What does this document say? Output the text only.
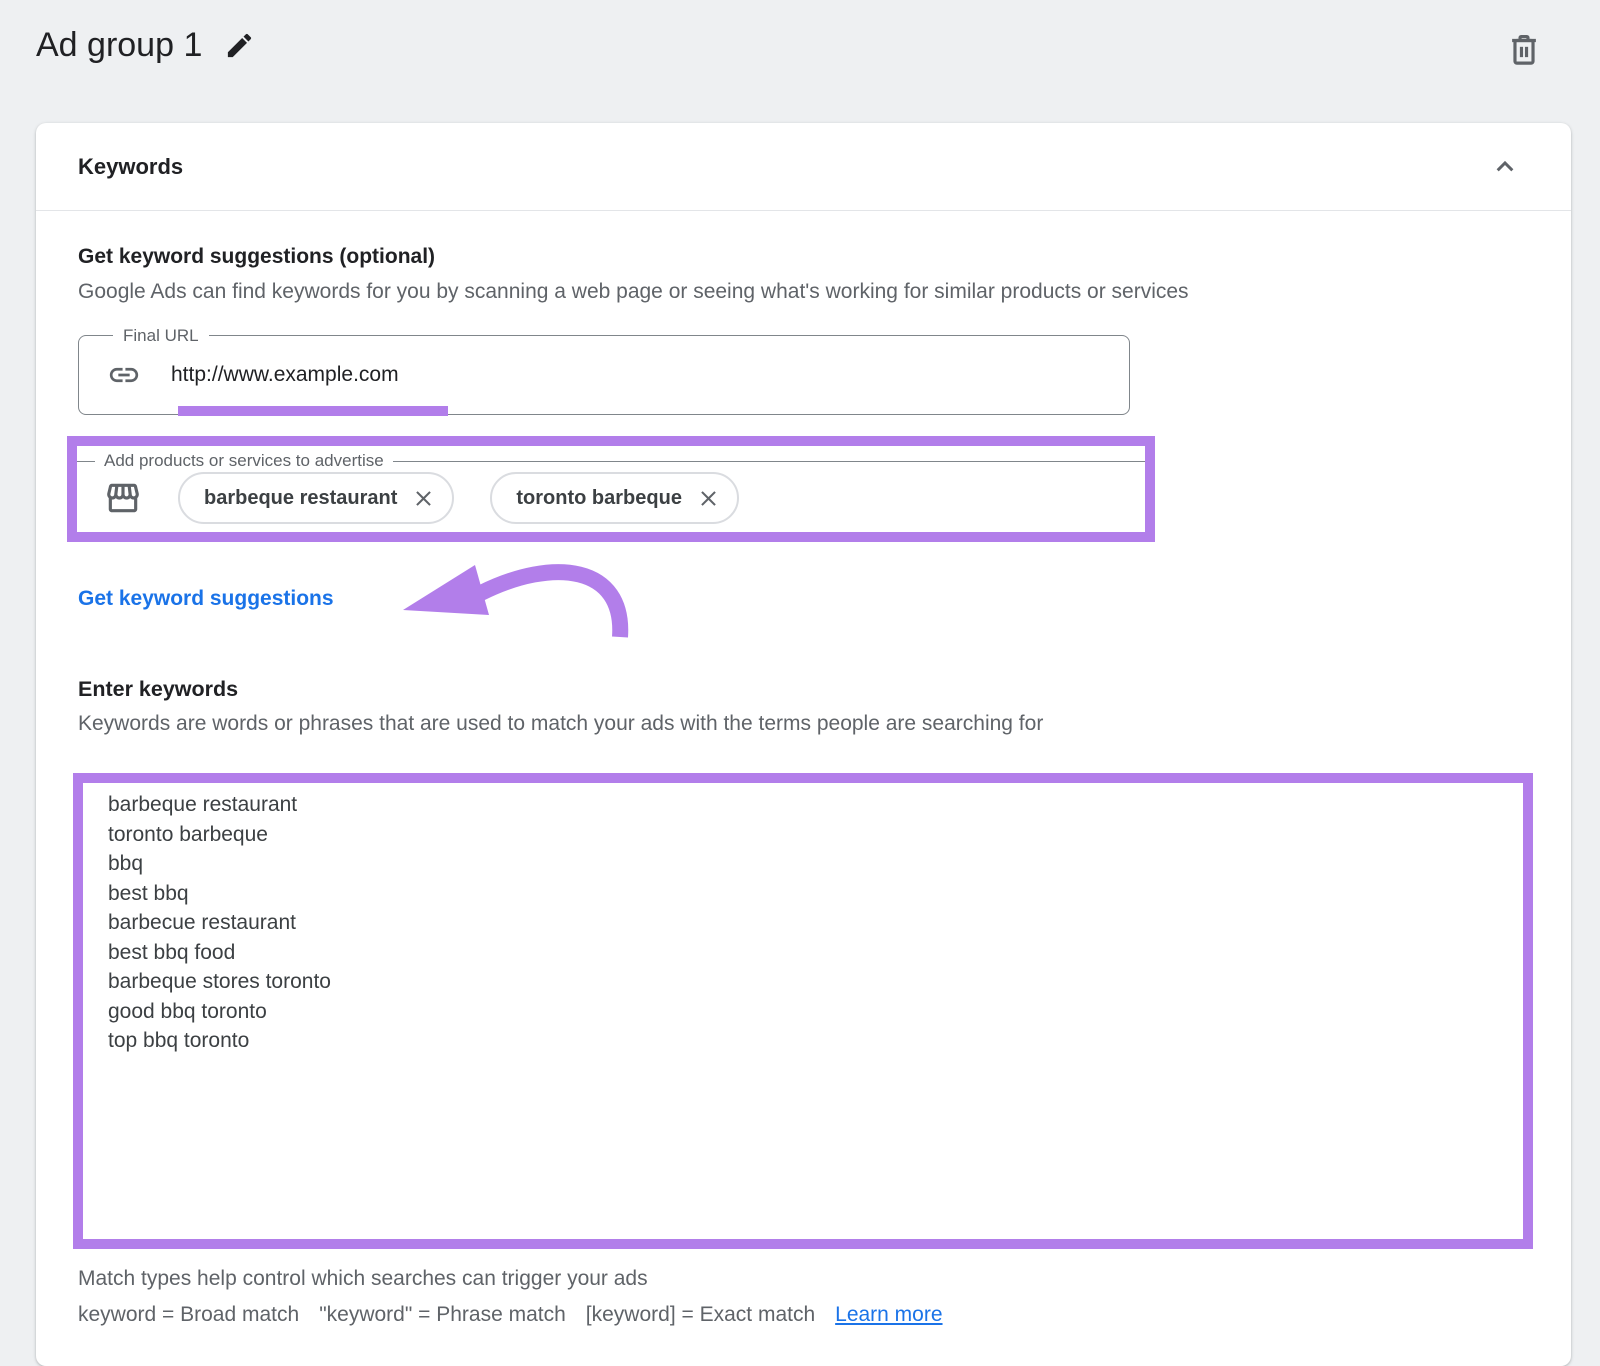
Ad group 1
Keywords
Get keyword suggestions (optional)

Google Ads can find keywords for you by scanning a web page or seeing what's working for similar products or services

Final URL
http://www.example.com
Add products or services to advertise
barbeque restaurant	toronto barbeque
Get keyword suggestions
Enter keywords

Keywords are words or phrases that are used to match your ads with the terms people are searching for

barbeque restaurant
toronto barbeque
bbq
best bbq
barbecue restaurant
best bbq food
barbeque stores toronto
good bbq toronto
top bbq toronto

Match types help control which searches can trigger your ads

keyword = Broad match "keyword" = Phrase match [keyword] = Exact match Learn more
